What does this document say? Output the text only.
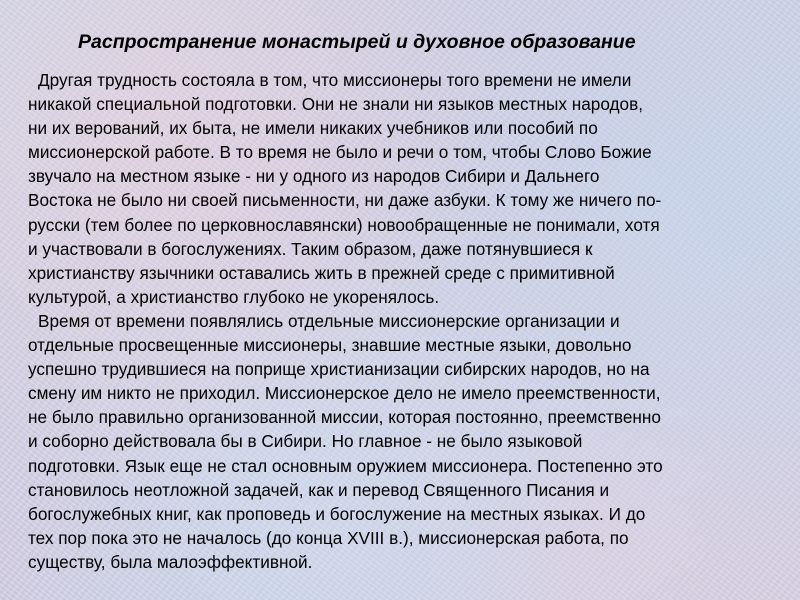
Распространение монастырей и духовное образование
Другая трудность состояла в том, что миссионеры того времени не имели
никакой специальной подготовки. Они не знали ни языков местных народов,
ни их верований, их быта, не имели никаких учебников или пособий по
миссионерской работе. В то время не было и речи о том, чтобы Слово Божие
звучало на местном языке - ни у одного из народов Сибири и Дальнего
Востока не было ни своей письменности, ни даже азбуки. К тому же ничего по-
русски (тем более по церковнославянски) новообращенные не понимали, хотя
и участвовали в богослужениях. Таким образом, даже потянувшиеся к
христианству язычники оставались жить в прежней среде с примитивной
культурой, а христианство глубоко не укоренялось.
Время от времени появлялись отдельные миссионерские организации и
отдельные просвещенные миссионеры, знавшие местные языки, довольно
успешно трудившиеся на поприще христианизации сибирских народов, но на
смену им никто не приходил. Миссионерское дело не имело преемственности,
не было правильно организованной миссии, которая постоянно, преемственно
и соборно действовала бы в Сибири. Но главное - не было языковой
подготовки. Язык еще не стал основным оружием миссионера. Постепенно это
становилось неотложной задачей, как и перевод Священного Писания и
богослужебных книг, как проповедь и богослужение на местных языках. И до
тех пор пока это не началось (до конца XVIII в.), миссионерская работа, по
существу, была малоэффективной.
